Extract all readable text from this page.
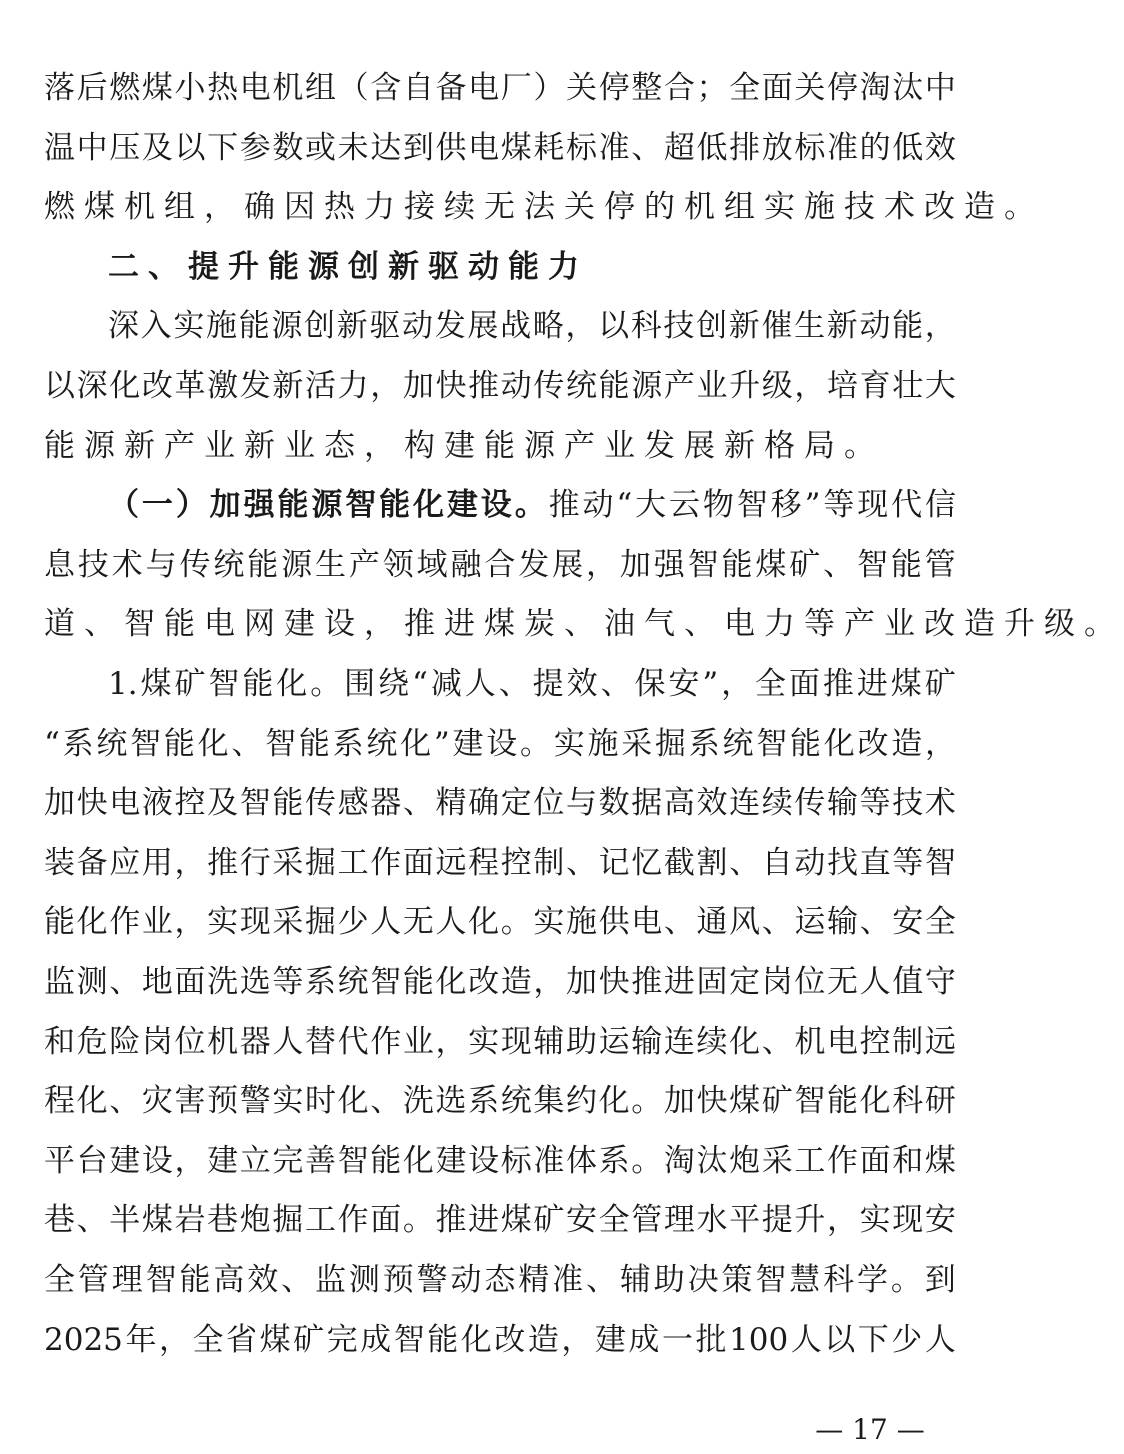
落 后 燃 煤 小 热 电 机 组 （ 含 自 备 电 厂 ） 关 停 整 合 ； 全 面 关 停 淘 汰 中

温 中 压 及 以 下 参 数 或 未 达 到 供 电 煤 耗 标 准 、 超 低 排 放 标 准 的 低 效

燃 煤 机 组 ， 确 因 热 力 接 续 无 法 关 停 的 机 组 实 施 技 术 改 造 。

二 、 提 升 能 源 创 新 驱 动 能 力

深 入 实 施 能 源 创 新 驱 动 发 展 战 略 ， 以 科 技 创 新 催 生 新 动 能 ，

以 深 化 改 革 激 发 新 活 力 ， 加 快 推 动 传 统 能 源 产 业 升 级 ， 培 育 壮 大

能 源 新 产 业 新 业 态 ， 构 建 能 源 产 业 发 展 新 格 局 。

（ 一 ） 加 强 能 源 智 能 化 建 设 。 推 动 “ 大 云 物 智 移 ” 等 现 代 信

息 技 术 与 传 统 能 源 生 产 领 域 融 合 发 展 ， 加 强 智 能 煤 矿 、 智 能 管

道 、 智 能 电 网 建 设 ， 推 进 煤 炭 、 油 气 、 电 力 等 产 业 改 造 升 级 。

1. 煤 矿 智 能 化 。 围 绕 “ 减 人 、 提 效 、 保 安 ” ， 全 面 推 进 煤 矿

“ 系 统 智 能 化 、 智 能 系 统 化 ” 建 设 。 实 施 采 掘 系 统 智 能 化 改 造 ，

加 快 电 液 控 及 智 能 传 感 器 、 精 确 定 位 与 数 据 高 效 连 续 传 输 等 技 术

装 备 应 用 ， 推 行 采 掘 工 作 面 远 程 控 制 、 记 忆 截 割 、 自 动 找 直 等 智

能 化 作 业 ， 实 现 采 掘 少 人 无 人 化 。 实 施 供 电 、 通 风 、 运 输 、 安 全

监 测 、 地 面 洗 选 等 系 统 智 能 化 改 造 ， 加 快 推 进 固 定 岗 位 无 人 值 守

和 危 险 岗 位 机 器 人 替 代 作 业 ， 实 现 辅 助 运 输 连 续 化 、 机 电 控 制 远

程 化 、 灾 害 预 警 实 时 化 、 洗 选 系 统 集 约 化 。 加 快 煤 矿 智 能 化 科 研

平 台 建 设 ， 建 立 完 善 智 能 化 建 设 标 准 体 系 。 淘 汰 炮 采 工 作 面 和 煤

巷 、 半 煤 岩 巷 炮 掘 工 作 面 。 推 进 煤 矿 安 全 管 理 水 平 提 升 ， 实 现 安

全 管 理 智 能 高 效 、 监 测 预 警 动 态 精 准 、 辅 助 决 策 智 慧 科 学 。 到

2025 年 ， 全 省 煤 矿 完 成 智 能 化 改 造 ， 建 成 一 批 100 人 以 下 少 人

— 17 —
